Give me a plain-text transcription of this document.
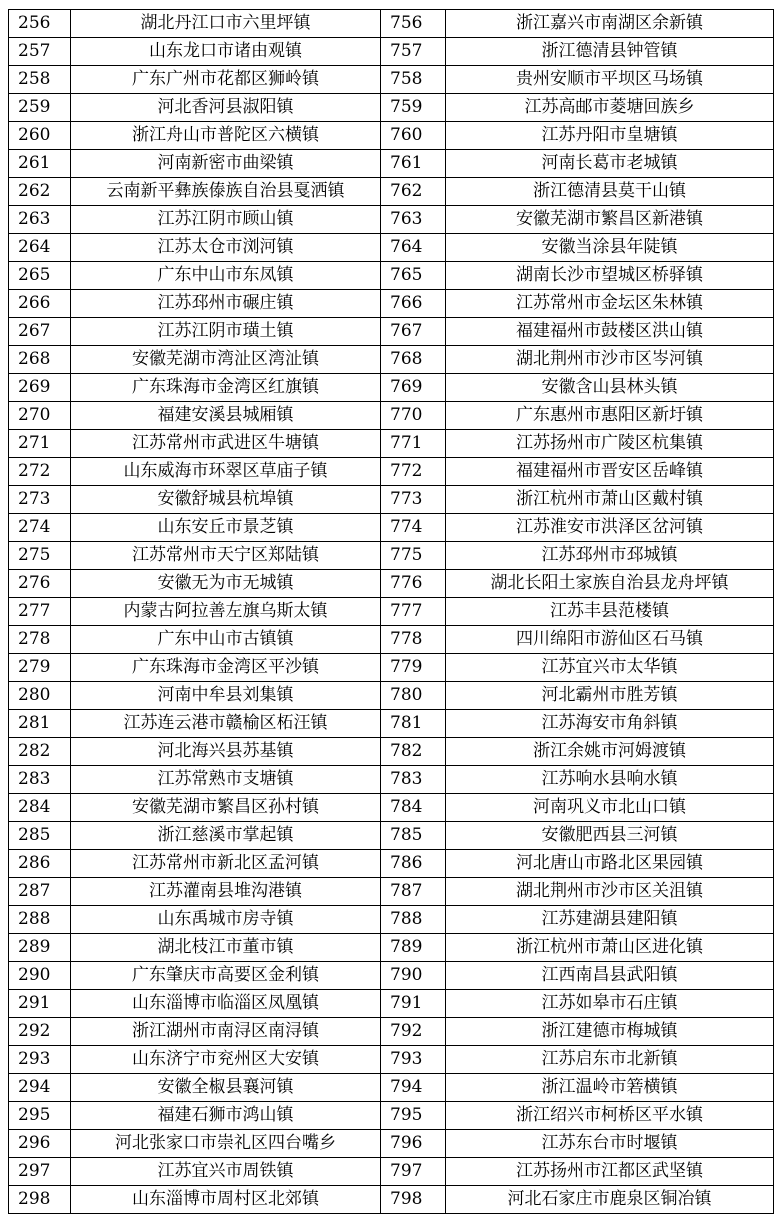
256	湖北丹江口市六里坪镇	756	浙江嘉兴市南湖区余新镇
257	山东龙口市诸由观镇	757	浙江德清县钟管镇
258	广东广州市花都区狮岭镇	758	贵州安顺市平坝区马场镇
259	河北香河县淑阳镇	759	江苏高邮市菱塘回族乡
260	浙江舟山市普陀区六横镇	760	江苏丹阳市皇塘镇
261	河南新密市曲梁镇	761	河南长葛市老城镇
262	云南新平彝族傣族自治县戛洒镇	762	浙江德清县莫干山镇
263	江苏江阴市顾山镇	763	安徽芜湖市繁昌区新港镇
264	江苏太仓市浏河镇	764	安徽当涂县年陡镇
265	广东中山市东凤镇	765	湖南长沙市望城区桥驿镇
266	江苏邳州市碾庄镇	766	江苏常州市金坛区朱林镇
267	江苏江阴市璜土镇	767	福建福州市鼓楼区洪山镇
268	安徽芜湖市湾沚区湾沚镇	768	湖北荆州市沙市区岑河镇
269	广东珠海市金湾区红旗镇	769	安徽含山县林头镇
270	福建安溪县城厢镇	770	广东惠州市惠阳区新圩镇
271	江苏常州市武进区牛塘镇	771	江苏扬州市广陵区杭集镇
272	山东威海市环翠区草庙子镇	772	福建福州市晋安区岳峰镇
273	安徽舒城县杭埠镇	773	浙江杭州市萧山区戴村镇
274	山东安丘市景芝镇	774	江苏淮安市洪泽区岔河镇
275	江苏常州市天宁区郑陆镇	775	江苏邳州市邳城镇
276	安徽无为市无城镇	776	湖北长阳土家族自治县龙舟坪镇
277	内蒙古阿拉善左旗乌斯太镇	777	江苏丰县范楼镇
278	广东中山市古镇镇	778	四川绵阳市游仙区石马镇
279	广东珠海市金湾区平沙镇	779	江苏宜兴市太华镇
280	河南中牟县刘集镇	780	河北霸州市胜芳镇
281	江苏连云港市赣榆区柘汪镇	781	江苏海安市角斜镇
282	河北海兴县苏基镇	782	浙江余姚市河姆渡镇
283	江苏常熟市支塘镇	783	江苏响水县响水镇
284	安徽芜湖市繁昌区孙村镇	784	河南巩义市北山口镇
285	浙江慈溪市掌起镇	785	安徽肥西县三河镇
286	江苏常州市新北区孟河镇	786	河北唐山市路北区果园镇
287	江苏灌南县堆沟港镇	787	湖北荆州市沙市区关沮镇
288	山东禹城市房寺镇	788	江苏建湖县建阳镇
289	湖北枝江市董市镇	789	浙江杭州市萧山区进化镇
290	广东肇庆市高要区金利镇	790	江西南昌县武阳镇
291	山东淄博市临淄区凤凰镇	791	江苏如皋市石庄镇
292	浙江湖州市南浔区南浔镇	792	浙江建德市梅城镇
293	山东济宁市兖州区大安镇	793	江苏启东市北新镇
294	安徽全椒县襄河镇	794	浙江温岭市箬横镇
295	福建石狮市鸿山镇	795	浙江绍兴市柯桥区平水镇
296	河北张家口市崇礼区四台嘴乡	796	江苏东台市时堰镇
297	江苏宜兴市周铁镇	797	江苏扬州市江都区武坚镇
298	山东淄博市周村区北郊镇	798	河北石家庄市鹿泉区铜冶镇
